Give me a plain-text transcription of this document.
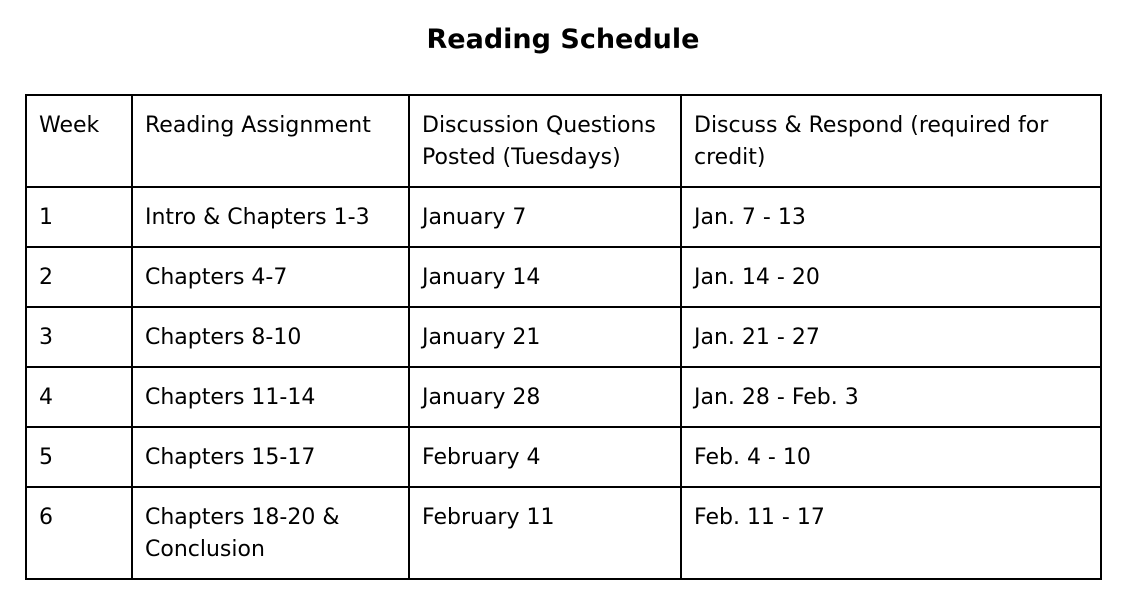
Reading Schedule
Week	Reading Assignment	Discussion Questions Posted (Tuesdays)	Discuss & Respond (required for credit)
1	Intro & Chapters 1-3	January 7	Jan. 7 - 13
2	Chapters 4-7	January 14	Jan. 14 - 20
3	Chapters 8-10	January 21	Jan. 21 - 27
4	Chapters 11-14	January 28	Jan. 28 - Feb. 3
5	Chapters 15-17	February 4	Feb. 4 - 10
6	Chapters 18-20 & Conclusion	February 11	Feb. 11 - 17
